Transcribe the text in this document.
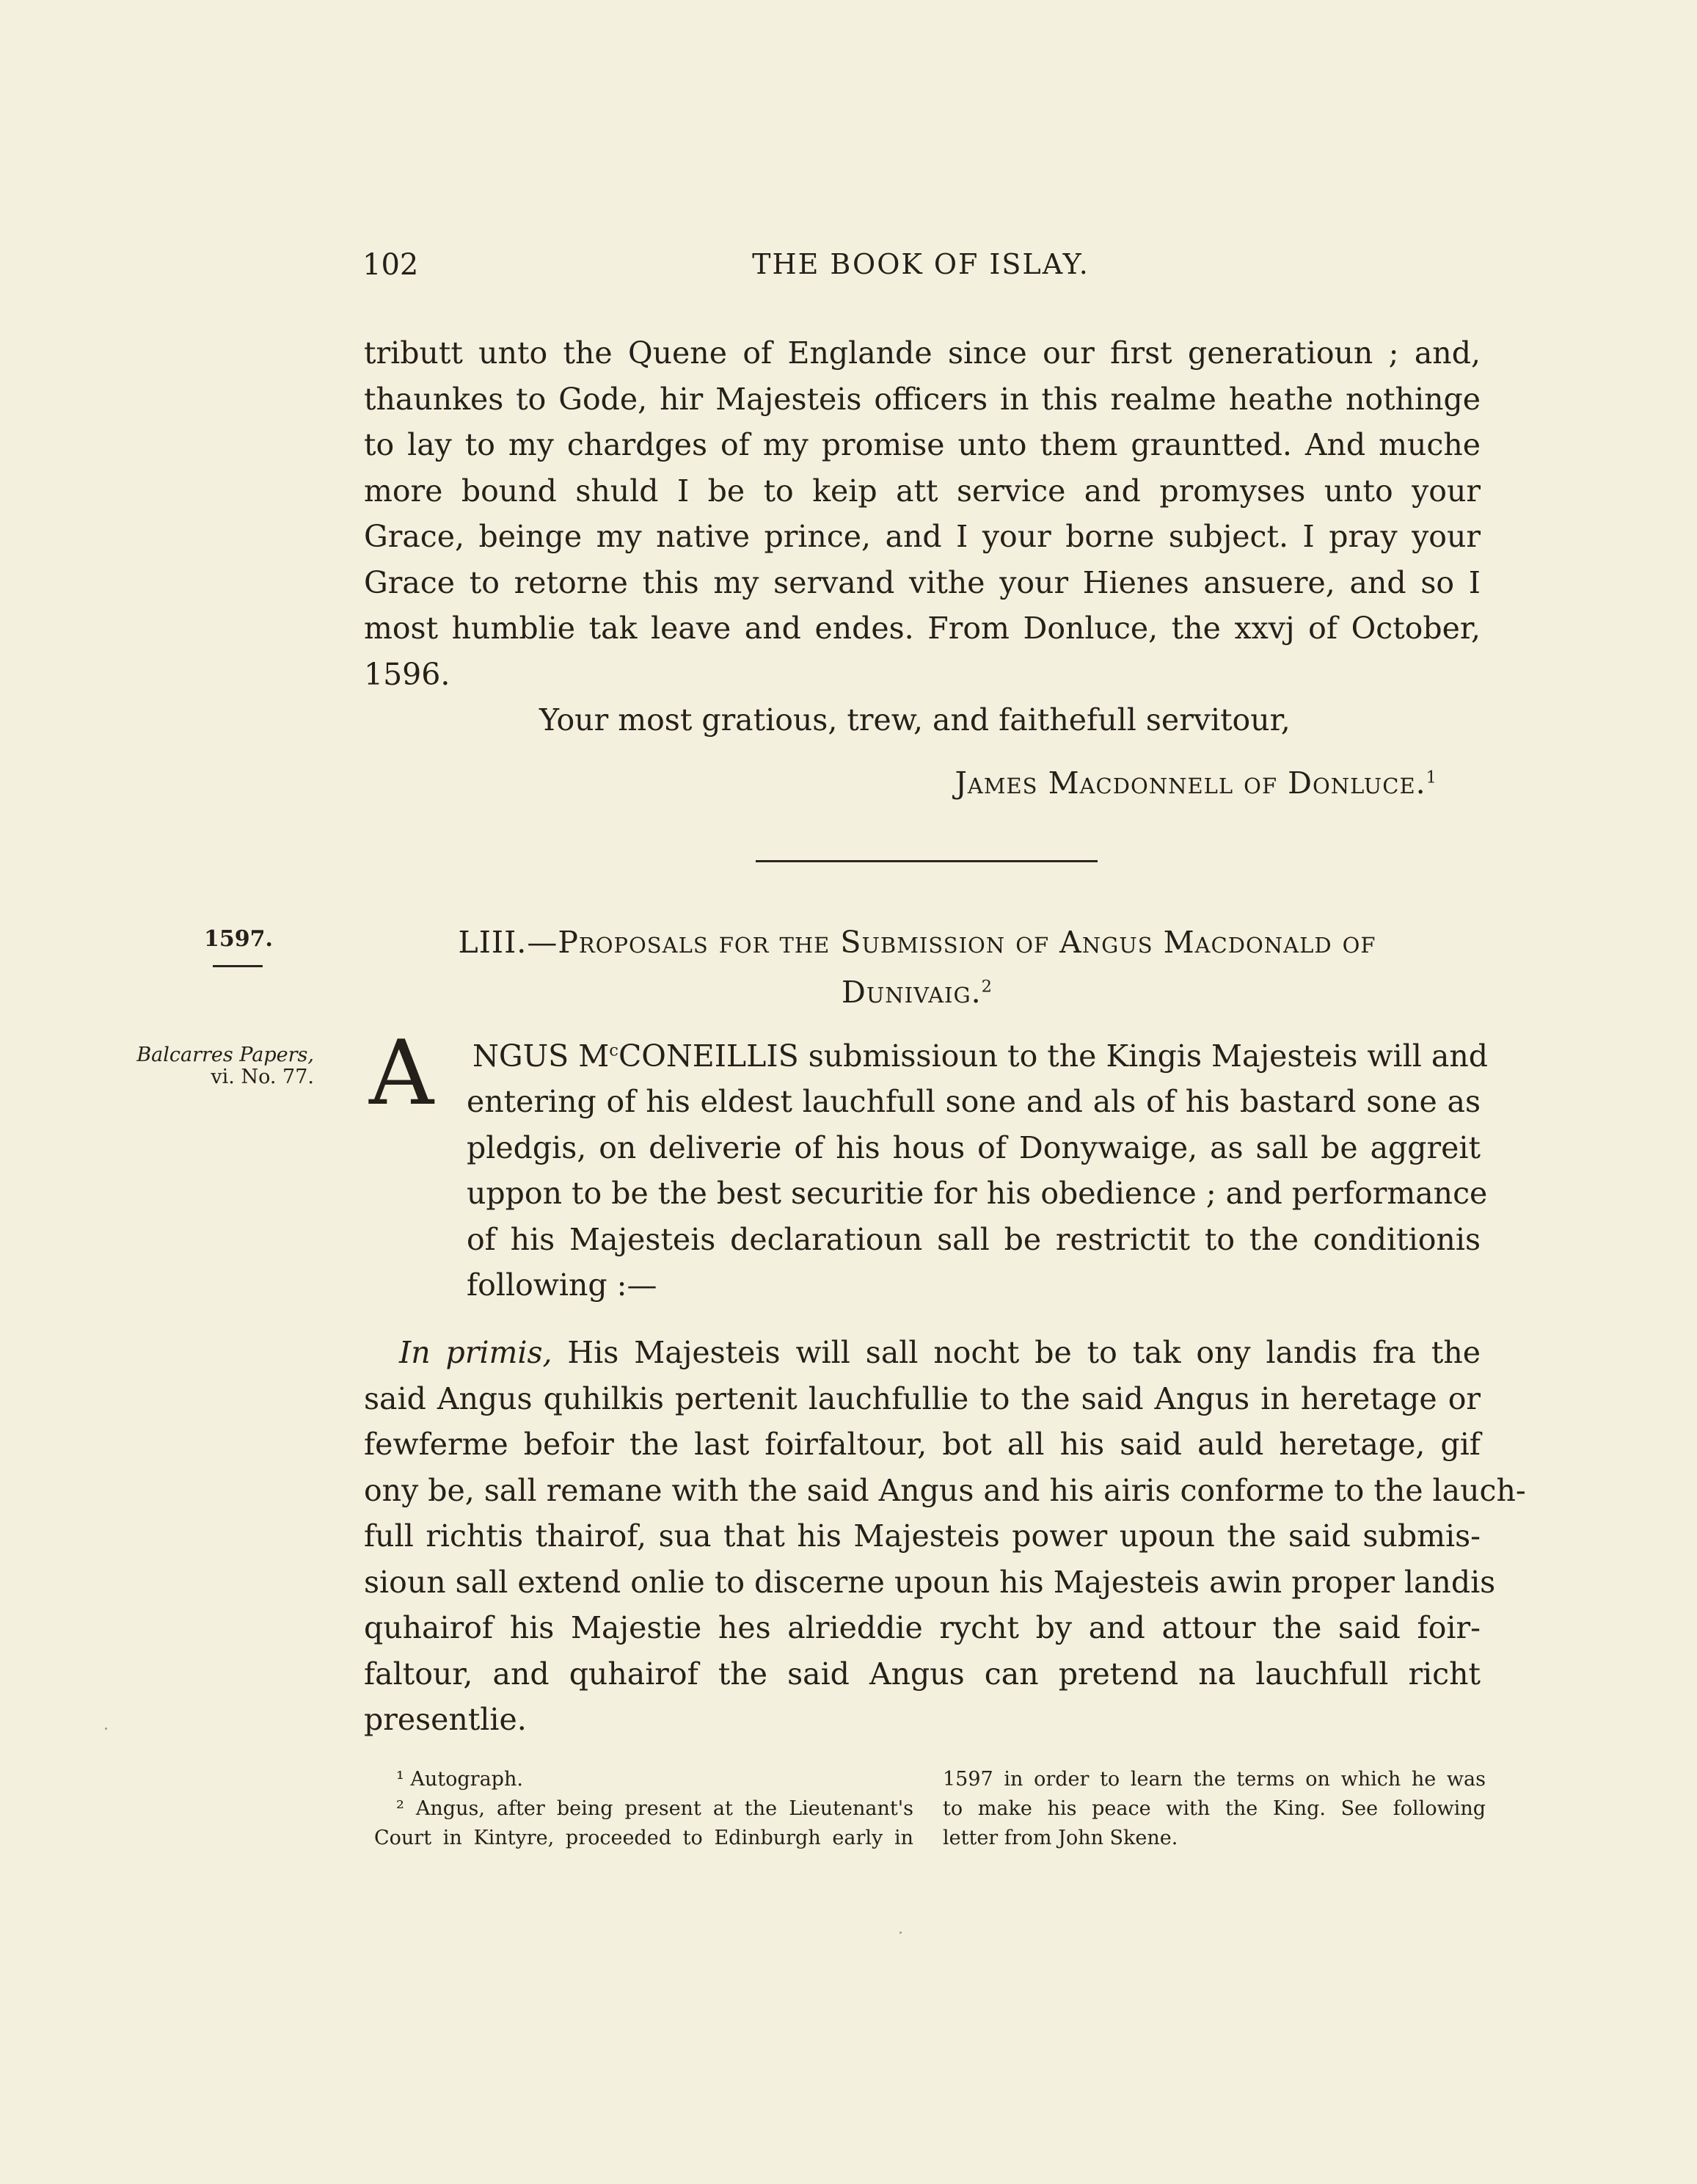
102	THE BOOK OF ISLAY.
tributt unto the Quene of Englande since our first generatioun ; and,
thaunkes to Gode, hir Majesteis officers in this realme heathe nothinge
to lay to my chardges of my promise unto them grauntted. And muche
more bound shuld I be to keip att service and promyses unto your
Grace, beinge my native prince, and I your borne subject. I pray your
Grace to retorne this my servand vithe your Hienes ansuere, and so I
most humblie tak leave and endes. From Donluce, the xxvj of October,
1596.
Your most gratious, trew, and faithefull servitour,
James Macdonnell of Donluce.$^1$
1597.
Balcarres Papers,
vi. No. 77.
LIII.—Proposals for the Submission of Angus Macdonald of
Dunivaig.$^2$
A NGUS $M^cCONEILLIS$ submissioun to the Kingis Majesteis will and
entering of his eldest lauchfull sone and als of his bastard sone as
pledgis, on deliverie of his hous of Donywaige, as sall be aggreit
uppon to be the best securitie for his obedience ; and performance
of his Majesteis declaratioun sall be restrictit to the conditionis
following :—
In primis, His Majesteis will sall nocht be to tak ony landis fra the
said Angus quhilkis pertenit lauchfullie to the said Angus in heretage or
fewferme befoir the last foirfaltour, bot all his said auld heretage, gif
ony be, sall remane with the said Angus and his airis conforme to the lauch-
full richtis thairof, sua that his Majesteis power upoun the said submis-
sioun sall extend onlie to discerne upoun his Majesteis awin proper landis
quhairof his Majestie hes alrieddie rycht by and attour the said foir-
faltour, and quhairof the said Angus can pretend na lauchfull richt
presentlie.
¹ Autograph.
² Angus, after being present at the Lieutenant's
Court in Kintyre, proceeded to Edinburgh early in
1597 in order to learn the terms on which he was
to make his peace with the King. See following
letter from John Skene.
